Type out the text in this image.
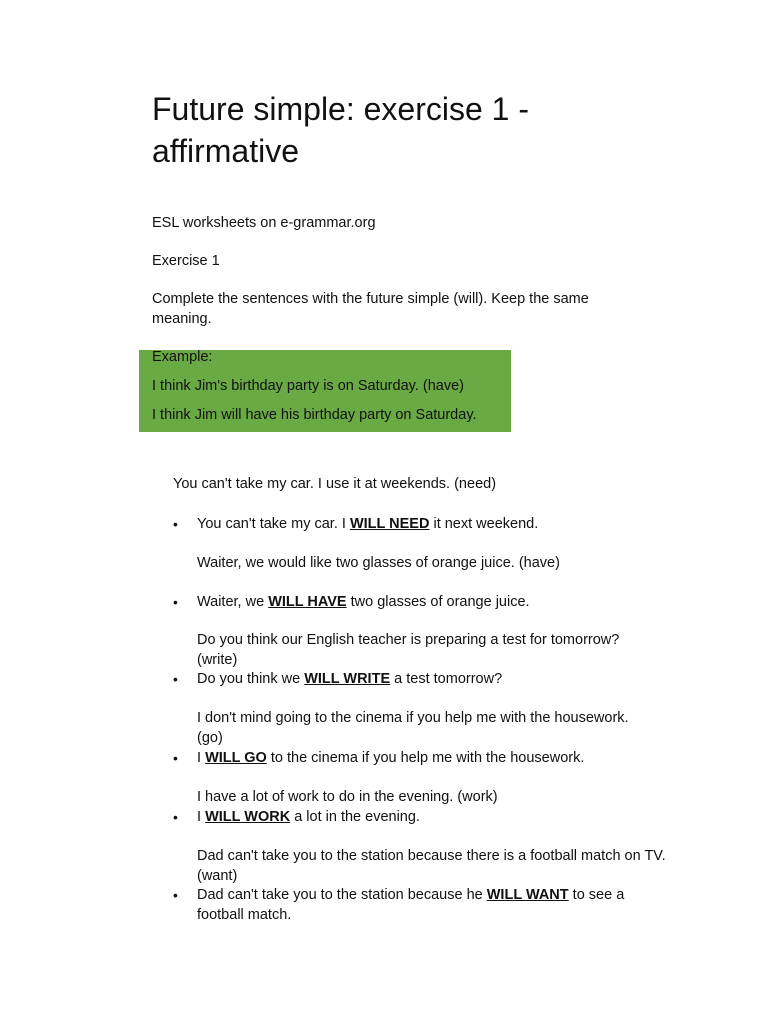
Future simple: exercise 1 - affirmative

ESL worksheets on e-grammar.org

Exercise 1

Complete the sentences with the future simple (will). Keep the same meaning.

Example:

I think Jim's birthday party is on Saturday. (have)

I think Jim will have his birthday party on Saturday.

You can't take my car. I use it at weekends. (need)

•	You can't take my car. I WILL NEED it next weekend.

Waiter, we would like two glasses of orange juice. (have)

•	Waiter, we WILL HAVE two glasses of orange juice.

Do you think our English teacher is preparing a test for tomorrow? (write)

•	Do you think we WILL WRITE a test tomorrow?

I don't mind going to the cinema if you help me with the housework. (go)

•	I WILL GO to the cinema if you help me with the housework.

I have a lot of work to do in the evening. (work)

•	I WILL WORK a lot in the evening.

Dad can't take you to the station because there is a football match on TV. (want)

•	Dad can't take you to the station because he WILL WANT to see a football match.
